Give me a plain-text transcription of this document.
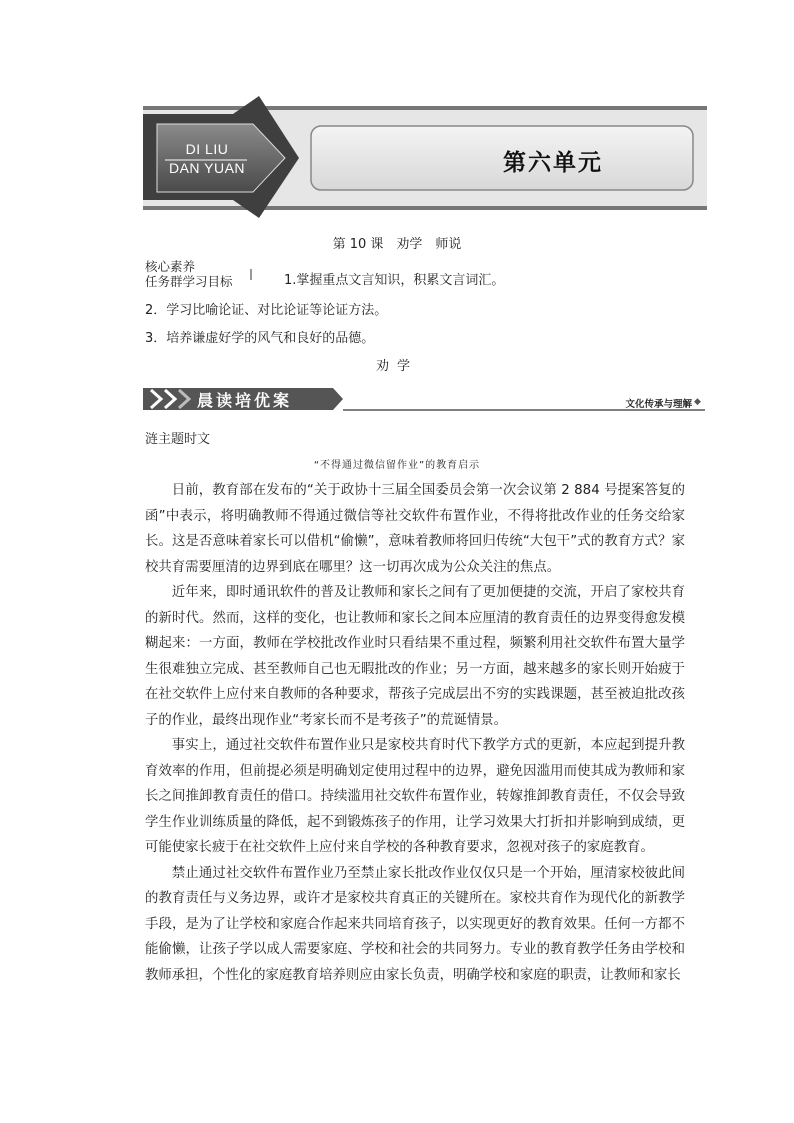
DI LIU
DAN YUAN	第六单元
第 10 课　劝学　师说
核心素养
任务群学习目标	1.掌握重点文言知识，积累文言词汇。
2．学习比喻论证、对比论证等论证方法。
3．培养谦虚好学的风气和良好的品德。
劝学
晨读培优案	文化传承与理解 ◆
涟主题时文
“不得通过微信留作业”的教育启示

日前，教育部在发布的“关于政协十三届全国委员会第一次会议第 2 884 号提案答复的函”中表示，将明确教师不得通过微信等社交软件布置作业，不得将批改作业的任务交给家长。这是否意味着家长可以借机“偷懒”，意味着教师将回归传统“大包干”式的教育方式？家校共育需要厘清的边界到底在哪里？这一切再次成为公众关注的焦点。

近年来，即时通讯软件的普及让教师和家长之间有了更加便捷的交流，开启了家校共育的新时代。然而，这样的变化，也让教师和家长之间本应厘清的教育责任的边界变得愈发模糊起来：一方面，教师在学校批改作业时只看结果不重过程，频繁利用社交软件布置大量学生很难独立完成、甚至教师自己也无暇批改的作业；另一方面，越来越多的家长则开始疲于在社交软件上应付来自教师的各种要求，帮孩子完成层出不穷的实践课题，甚至被迫批改孩子的作业，最终出现作业“考家长而不是考孩子”的荒诞情景。

事实上，通过社交软件布置作业只是家校共育时代下教学方式的更新，本应起到提升教育效率的作用，但前提必须是明确划定使用过程中的边界，避免因滥用而使其成为教师和家长之间推卸教育责任的借口。持续滥用社交软件布置作业，转嫁推卸教育责任，不仅会导致学生作业训练质量的降低，起不到锻炼孩子的作用，让学习效果大打折扣并影响到成绩，更可能使家长疲于在社交软件上应付来自学校的各种教育要求，忽视对孩子的家庭教育。

禁止通过社交软件布置作业乃至禁止家长批改作业仅仅只是一个开始，厘清家校彼此间的教育责任与义务边界，或许才是家校共育真正的关键所在。家校共育作为现代化的新教学手段，是为了让学校和家庭合作起来共同培育孩子，以实现更好的教育效果。任何一方都不能偷懒，让孩子学以成人需要家庭、学校和社会的共同努力。专业的教育教学任务由学校和教师承担，个性化的家庭教育培养则应由家长负责，明确学校和家庭的职责，让教师和家长
